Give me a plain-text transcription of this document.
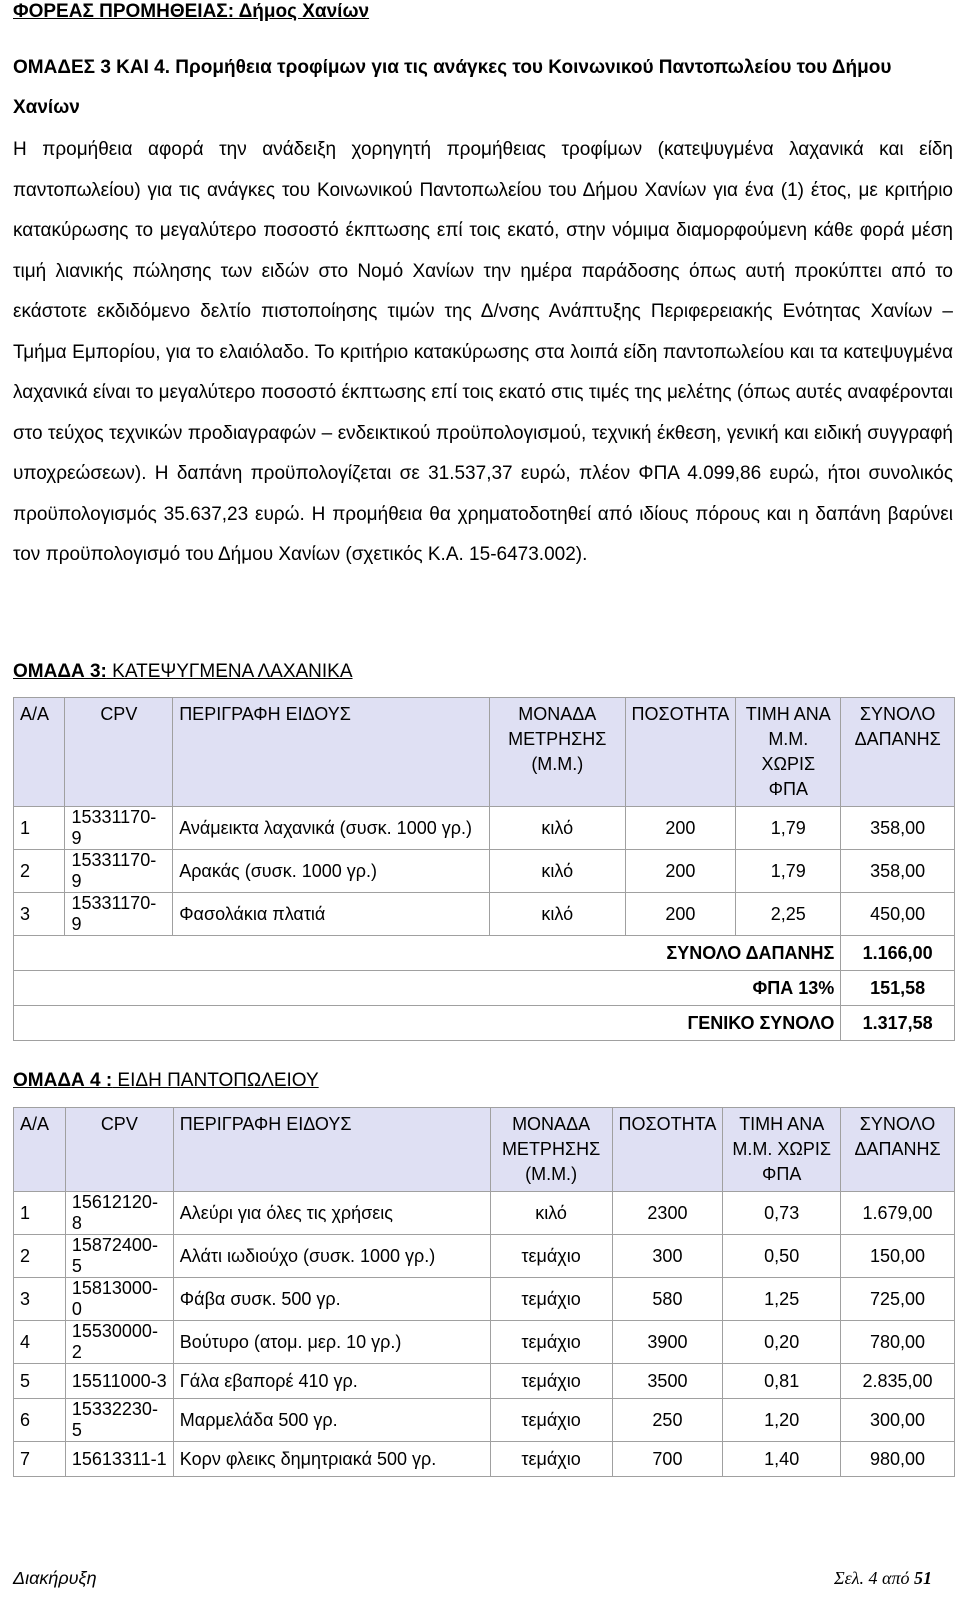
ΦΟΡΕΑΣ ΠΡΟΜΗΘΕΙΑΣ: Δήμος Χανίων
ΟΜΑΔΕΣ 3 ΚΑΙ 4. Προμήθεια τροφίμων για τις ανάγκες του Κοινωνικού Παντοπωλείου του Δήμου Χανίων
Η προμήθεια αφορά την ανάδειξη χορηγητή προμήθειας τροφίμων (κατεψυγμένα λαχανικά και είδη παντοπωλείου) για τις ανάγκες του Κοινωνικού Παντοπωλείου του Δήμου Χανίων για ένα (1) έτος, με κριτήριο κατακύρωσης το μεγαλύτερο ποσοστό έκπτωσης επί τοις εκατό, στην νόμιμα διαμορφούμενη κάθε φορά μέση τιμή λιανικής πώλησης των ειδών στο Νομό Χανίων την ημέρα παράδοσης όπως αυτή προκύπτει από το εκάστοτε εκδιδόμενο δελτίο πιστοποίησης τιμών της Δ/νσης Ανάπτυξης Περιφερειακής Ενότητας Χανίων – Τμήμα Εμπορίου, για το ελαιόλαδο. Το κριτήριο κατακύρωσης στα λοιπά είδη παντοπωλείου και τα κατεψυγμένα λαχανικά είναι το μεγαλύτερο ποσοστό έκπτωσης επί τοις εκατό στις τιμές της μελέτης (όπως αυτές αναφέρονται στο τεύχος τεχνικών προδιαγραφών – ενδεικτικού προϋπολογισμού, τεχνική έκθεση, γενική και ειδική συγγραφή υποχρεώσεων). Η δαπάνη προϋπολογίζεται σε 31.537,37 ευρώ, πλέον ΦΠΑ 4.099,86 ευρώ, ήτοι συνολικός προϋπολογισμός 35.637,23 ευρώ. Η προμήθεια θα χρηματοδοτηθεί από ιδίους πόρους και η δαπάνη βαρύνει τον προϋπολογισμό του Δήμου Χανίων (σχετικός Κ.Α. 15-6473.002).
ΟΜΑΔΑ 3: ΚΑΤΕΨΥΓΜΕΝΑ ΛΑΧΑΝΙΚΑ
Α/Α	CPV	ΠΕΡΙΓΡΑΦΗ ΕΙΔΟΥΣ	ΜΟΝΑΔΑ ΜΕΤΡΗΣΗΣ (Μ.Μ.)	ΠΟΣΟΤΗΤΑ	ΤΙΜΗ ΑΝΑ Μ.Μ. ΧΩΡΙΣ ΦΠΑ	ΣΥΝΟΛΟ ΔΑΠΑΝΗΣ
1	15331170-9	Ανάμεικτα λαχανικά (συσκ. 1000 γρ.)	κιλό	200	1,79	358,00
2	15331170-9	Αρακάς (συσκ. 1000 γρ.)	κιλό	200	1,79	358,00
3	15331170-9	Φασολάκια πλατιά	κιλό	200	2,25	450,00
ΣΥΝΟΛΟ ΔΑΠΑΝΗΣ						1.166,00
ΦΠΑ 13%						151,58
ΓΕΝΙΚΟ ΣΥΝΟΛΟ						1.317,58
ΟΜΑΔΑ 4 : ΕΙΔΗ ΠΑΝΤΟΠΩΛΕΙΟΥ
Α/Α	CPV	ΠΕΡΙΓΡΑΦΗ ΕΙΔΟΥΣ	ΜΟΝΑΔΑ ΜΕΤΡΗΣΗΣ (Μ.Μ.)	ΠΟΣΟΤΗΤΑ	ΤΙΜΗ ΑΝΑ Μ.Μ. ΧΩΡΙΣ ΦΠΑ	ΣΥΝΟΛΟ ΔΑΠΑΝΗΣ
1	15612120-8	Αλεύρι για όλες τις χρήσεις	κιλό	2300	0,73	1.679,00
2	15872400-5	Αλάτι ιωδιούχο (συσκ. 1000 γρ.)	τεμάχιο	300	0,50	150,00
3	15813000-0	Φάβα συσκ. 500 γρ.	τεμάχιο	580	1,25	725,00
4	15530000-2	Βούτυρο (ατομ. μερ. 10 γρ.)	τεμάχιο	3900	0,20	780,00
5	15511000-3	Γάλα εβαπορέ 410 γρ.	τεμάχιο	3500	0,81	2.835,00
6	15332230-5	Μαρμελάδα 500 γρ.	τεμάχιο	250	1,20	300,00
7	15613311-1	Κορν φλεικς δημητριακά 500 γρ.	τεμάχιο	700	1,40	980,00
Διακήρυξη	Σελ. 4 από 51
